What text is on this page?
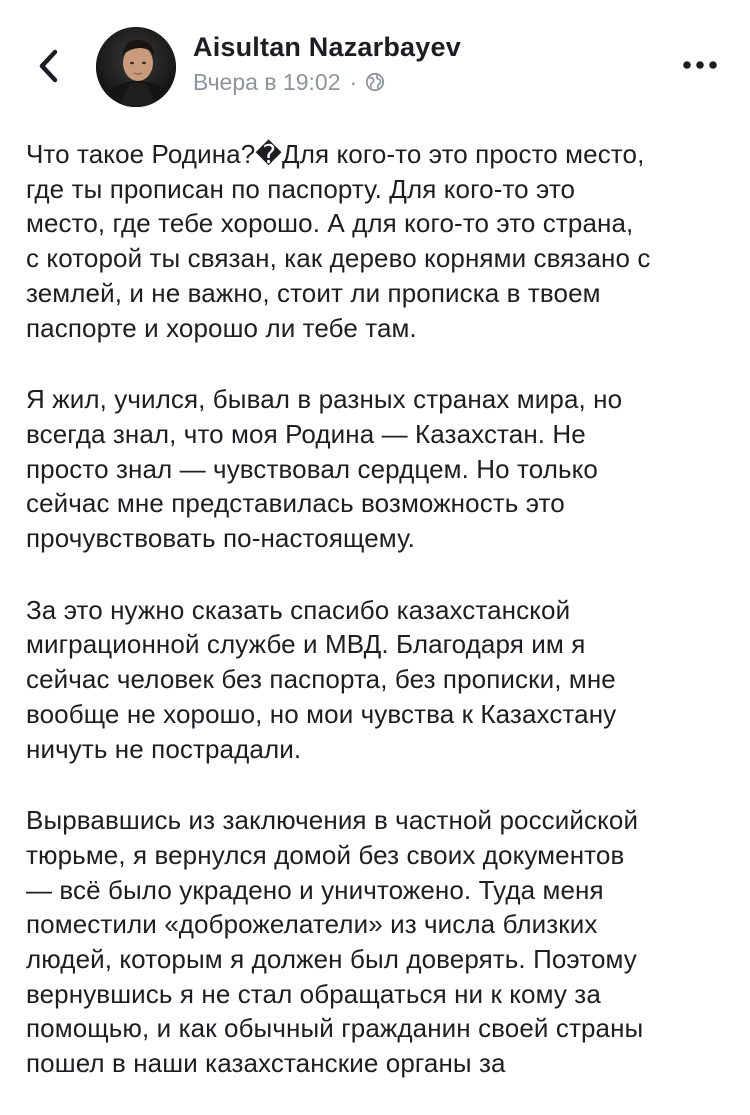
Aisultan Nazarbayev
Вчера в 19:02 ·

Что такое Родина?�Для кого-то это просто место,
где ты прописан по паспорту. Для кого-то это
место, где тебе хорошо. А для кого-то это страна,
с которой ты связан, как дерево корнями связано с
землей, и не важно, стоит ли прописка в твоем
паспорте и хорошо ли тебе там.

Я жил, учился, бывал в разных странах мира, но
всегда знал, что моя Родина — Казахстан. Не
просто знал — чувствовал сердцем. Но только
сейчас мне представилась возможность это
прочувствовать по-настоящему.

За это нужно сказать спасибо казахстанской
миграционной службе и МВД. Благодаря им я
сейчас человек без паспорта, без прописки, мне
вообще не хорошо, но мои чувства к Казахстану
ничуть не пострадали.

Вырвавшись из заключения в частной российской
тюрьме, я вернулся домой без своих документов
— всё было украдено и уничтожено. Туда меня
поместили «доброжелатели» из числа близких
людей, которым я должен был доверять. Поэтому
вернувшись я не стал обращаться ни к кому за
помощью, и как обычный гражданин своей страны
пошел в наши казахстанские органы за
